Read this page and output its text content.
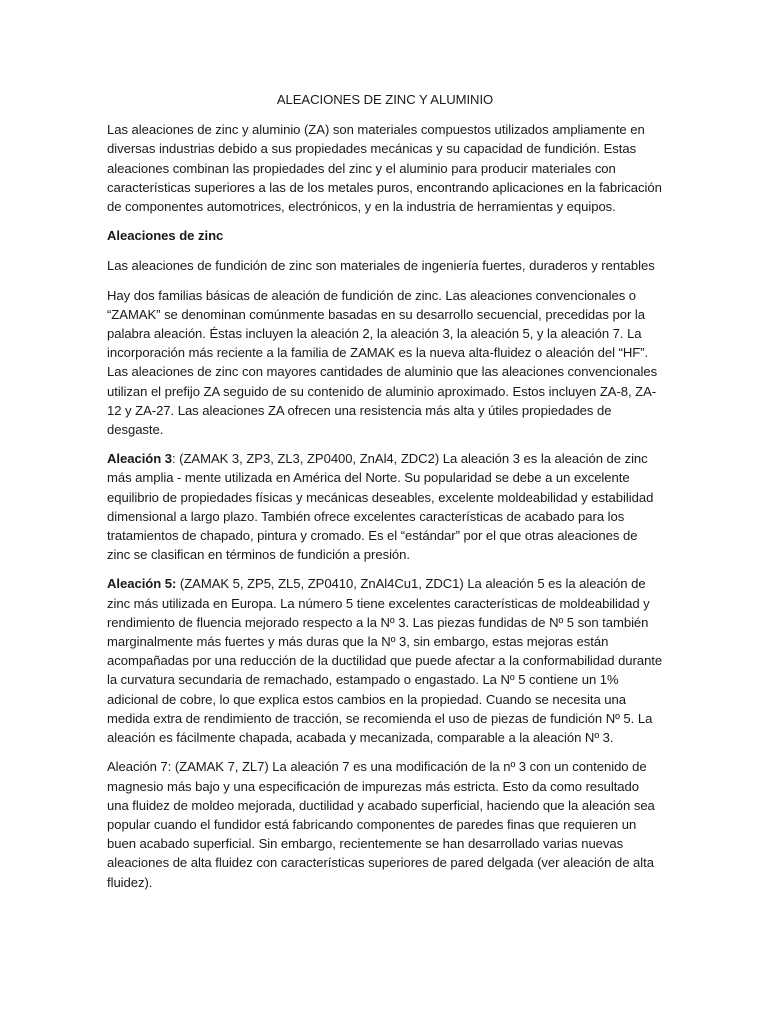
ALEACIONES DE ZINC Y ALUMINIO

Las aleaciones de zinc y aluminio (ZA) son materiales compuestos utilizados ampliamente en diversas industrias debido a sus propiedades mecánicas y su capacidad de fundición. Estas aleaciones combinan las propiedades del zinc y el aluminio para producir materiales con características superiores a las de los metales puros, encontrando aplicaciones en la fabricación de componentes automotrices, electrónicos, y en la industria de herramientas y equipos.

Aleaciones de zinc

Las aleaciones de fundición de zinc son materiales de ingeniería fuertes, duraderos y rentables

Hay dos familias básicas de aleación de fundición de zinc. Las aleaciones convencionales o “ZAMAK” se denominan comúnmente basadas en su desarrollo secuencial, precedidas por la palabra aleación. Éstas incluyen la aleación 2, la aleación 3, la aleación 5, y la aleación 7. La incorporación más reciente a la familia de ZAMAK es la nueva alta-fluidez o aleación del “HF”. Las aleaciones de zinc con mayores cantidades de aluminio que las aleaciones convencionales utilizan el prefijo ZA seguido de su contenido de aluminio aproximado. Estos incluyen ZA-8, ZA-12 y ZA-27. Las aleaciones ZA ofrecen una resistencia más alta y útiles propiedades de desgaste.

Aleación 3: (ZAMAK 3, ZP3, ZL3, ZP0400, ZnAl4, ZDC2) La aleación 3 es la aleación de zinc más amplia - mente utilizada en América del Norte. Su popularidad se debe a un excelente equilibrio de propiedades físicas y mecánicas deseables, excelente moldeabilidad y estabilidad dimensional a largo plazo. También ofrece excelentes características de acabado para los tratamientos de chapado, pintura y cromado. Es el “estándar” por el que otras aleaciones de zinc se clasifican en términos de fundición a presión.

Aleación 5: (ZAMAK 5, ZP5, ZL5, ZP0410, ZnAl4Cu1, ZDC1) La aleación 5 es la aleación de zinc más utilizada en Europa. La número 5 tiene excelentes características de moldeabilidad y rendimiento de fluencia mejorado respecto a la Nº 3. Las piezas fundidas de Nº 5 son también marginalmente más fuertes y más duras que la Nº 3, sin embargo, estas mejoras están acompañadas por una reducción de la ductilidad que puede afectar a la conformabilidad durante la curvatura secundaria de remachado, estampado o engastado. La Nº 5 contiene un 1% adicional de cobre, lo que explica estos cambios en la propiedad. Cuando se necesita una medida extra de rendimiento de tracción, se recomienda el uso de piezas de fundición Nº 5. La aleación es fácilmente chapada, acabada y mecanizada, comparable a la aleación Nº 3.

Aleación 7: (ZAMAK 7, ZL7) La aleación 7 es una modificación de la nº 3 con un contenido de magnesio más bajo y una especificación de impurezas más estricta. Esto da como resultado una fluidez de moldeo mejorada, ductilidad y acabado superficial, haciendo que la aleación sea popular cuando el fundidor está fabricando componentes de paredes finas que requieren un buen acabado superficial. Sin embargo, recientemente se han desarrollado varias nuevas aleaciones de alta fluidez con características superiores de pared delgada (ver aleación de alta fluidez).
